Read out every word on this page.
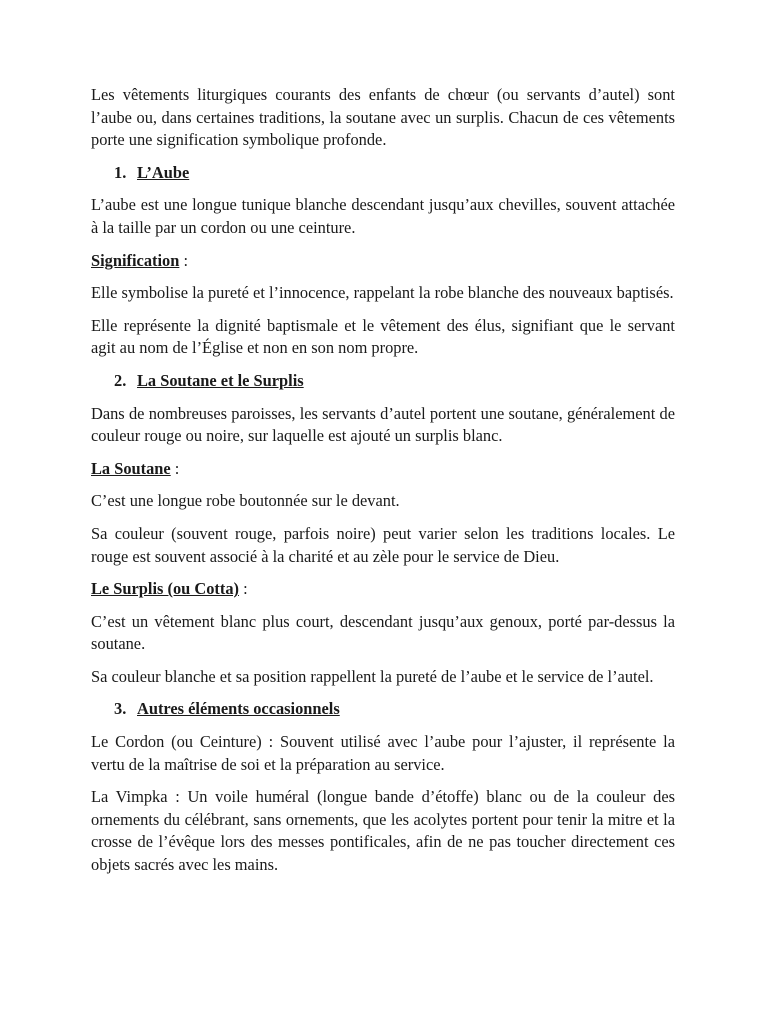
Les vêtements liturgiques courants des enfants de chœur (ou servants d’autel) sont l’aube ou, dans certaines traditions, la soutane avec un surplis. Chacun de ces vêtements porte une signification symbolique profonde.

1. L’Aube

L’aube est une longue tunique blanche descendant jusqu’aux chevilles, souvent attachée à la taille par un cordon ou une ceinture.

Signification :

Elle symbolise la pureté et l’innocence, rappelant la robe blanche des nouveaux baptisés.

Elle représente la dignité baptismale et le vêtement des élus, signifiant que le servant agit au nom de l’Église et non en son nom propre.

2. La Soutane et le Surplis

Dans de nombreuses paroisses, les servants d’autel portent une soutane, généralement de couleur rouge ou noire, sur laquelle est ajouté un surplis blanc.

La Soutane :

C’est une longue robe boutonnée sur le devant.

Sa couleur (souvent rouge, parfois noire) peut varier selon les traditions locales. Le rouge est souvent associé à la charité et au zèle pour le service de Dieu.

Le Surplis (ou Cotta) :

C’est un vêtement blanc plus court, descendant jusqu’aux genoux, porté par-dessus la soutane.

Sa couleur blanche et sa position rappellent la pureté de l’aube et le service de l’autel.

3. Autres éléments occasionnels

Le Cordon (ou Ceinture) : Souvent utilisé avec l’aube pour l’ajuster, il représente la vertu de la maîtrise de soi et la préparation au service.

La Vimpka : Un voile huméral (longue bande d’étoffe) blanc ou de la couleur des ornements du célébrant, sans ornements, que les acolytes portent pour tenir la mitre et la crosse de l’évêque lors des messes pontificales, afin de ne pas toucher directement ces objets sacrés avec les mains.
